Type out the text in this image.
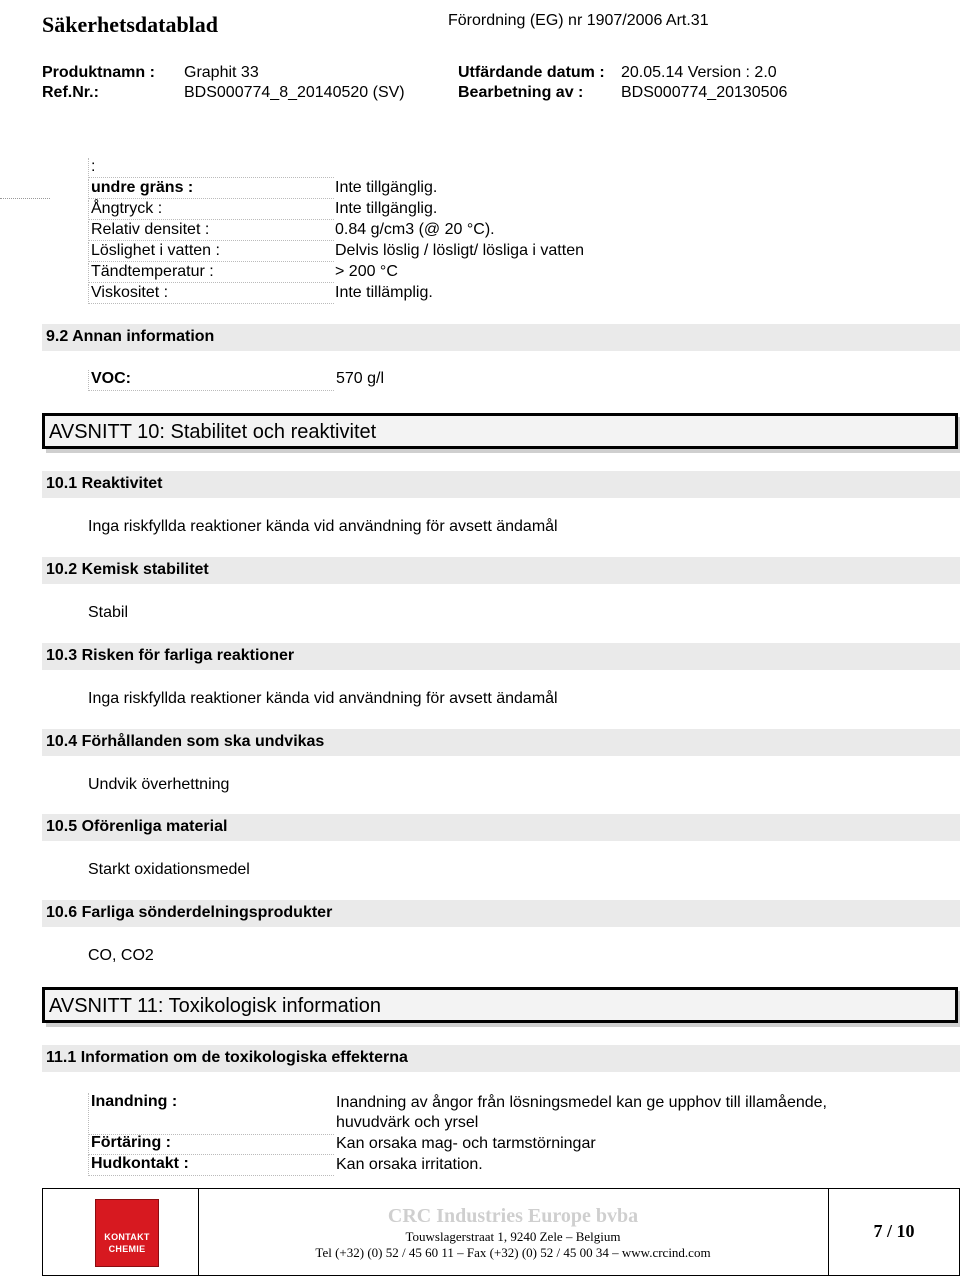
Säkerhetsdatablad	Förordning (EG) nr 1907/2006 Art.31
Produktnamn : Graphit 33	Utfärdande datum : 20.05.14 Version : 2.0
Ref.Nr.:	BDS000774_8_20140520 (SV)	Bearbetning av : BDS000774_20130506
:
undre gräns :	Inte tillgänglig.
Ångtryck :	Inte tillgänglig.
Relativ densitet :	0.84 g/cm3 (@ 20 °C).
Löslighet i vatten :	Delvis löslig / lösligt/ lösliga i vatten
Tändtemperatur :	> 200 °C
Viskositet :	Inte tillämplig.
9.2 Annan information
VOC:	570 g/l
AVSNITT 10: Stabilitet och reaktivitet
10.1 Reaktivitet
Inga riskfyllda reaktioner kända vid användning för avsett ändamål
10.2 Kemisk stabilitet
Stabil
10.3 Risken för farliga reaktioner
Inga riskfyllda reaktioner kända vid användning för avsett ändamål
10.4 Förhållanden som ska undvikas
Undvik överhettning
10.5 Oförenliga material
Starkt oxidationsmedel
10.6 Farliga sönderdelningsprodukter
CO, CO2
AVSNITT 11: Toxikologisk information
11.1 Information om de toxikologiska effekterna
Inandning :	Inandning av ångor från lösningsmedel kan ge upphov till illamående, huvudvärk och yrsel
Förtäring :	Kan orsaka mag- och tarmstörningar
Hudkontakt :	Kan orsaka irritation.
KONTAKT
CHEMIE
CRC Industries Europe bvba
Touwslagerstraat 1, 9240 Zele – Belgium
Tel (+32) (0) 52 / 45 60 11 – Fax (+32) (0) 52 / 45 00 34 – www.crcind.com
7 / 10
